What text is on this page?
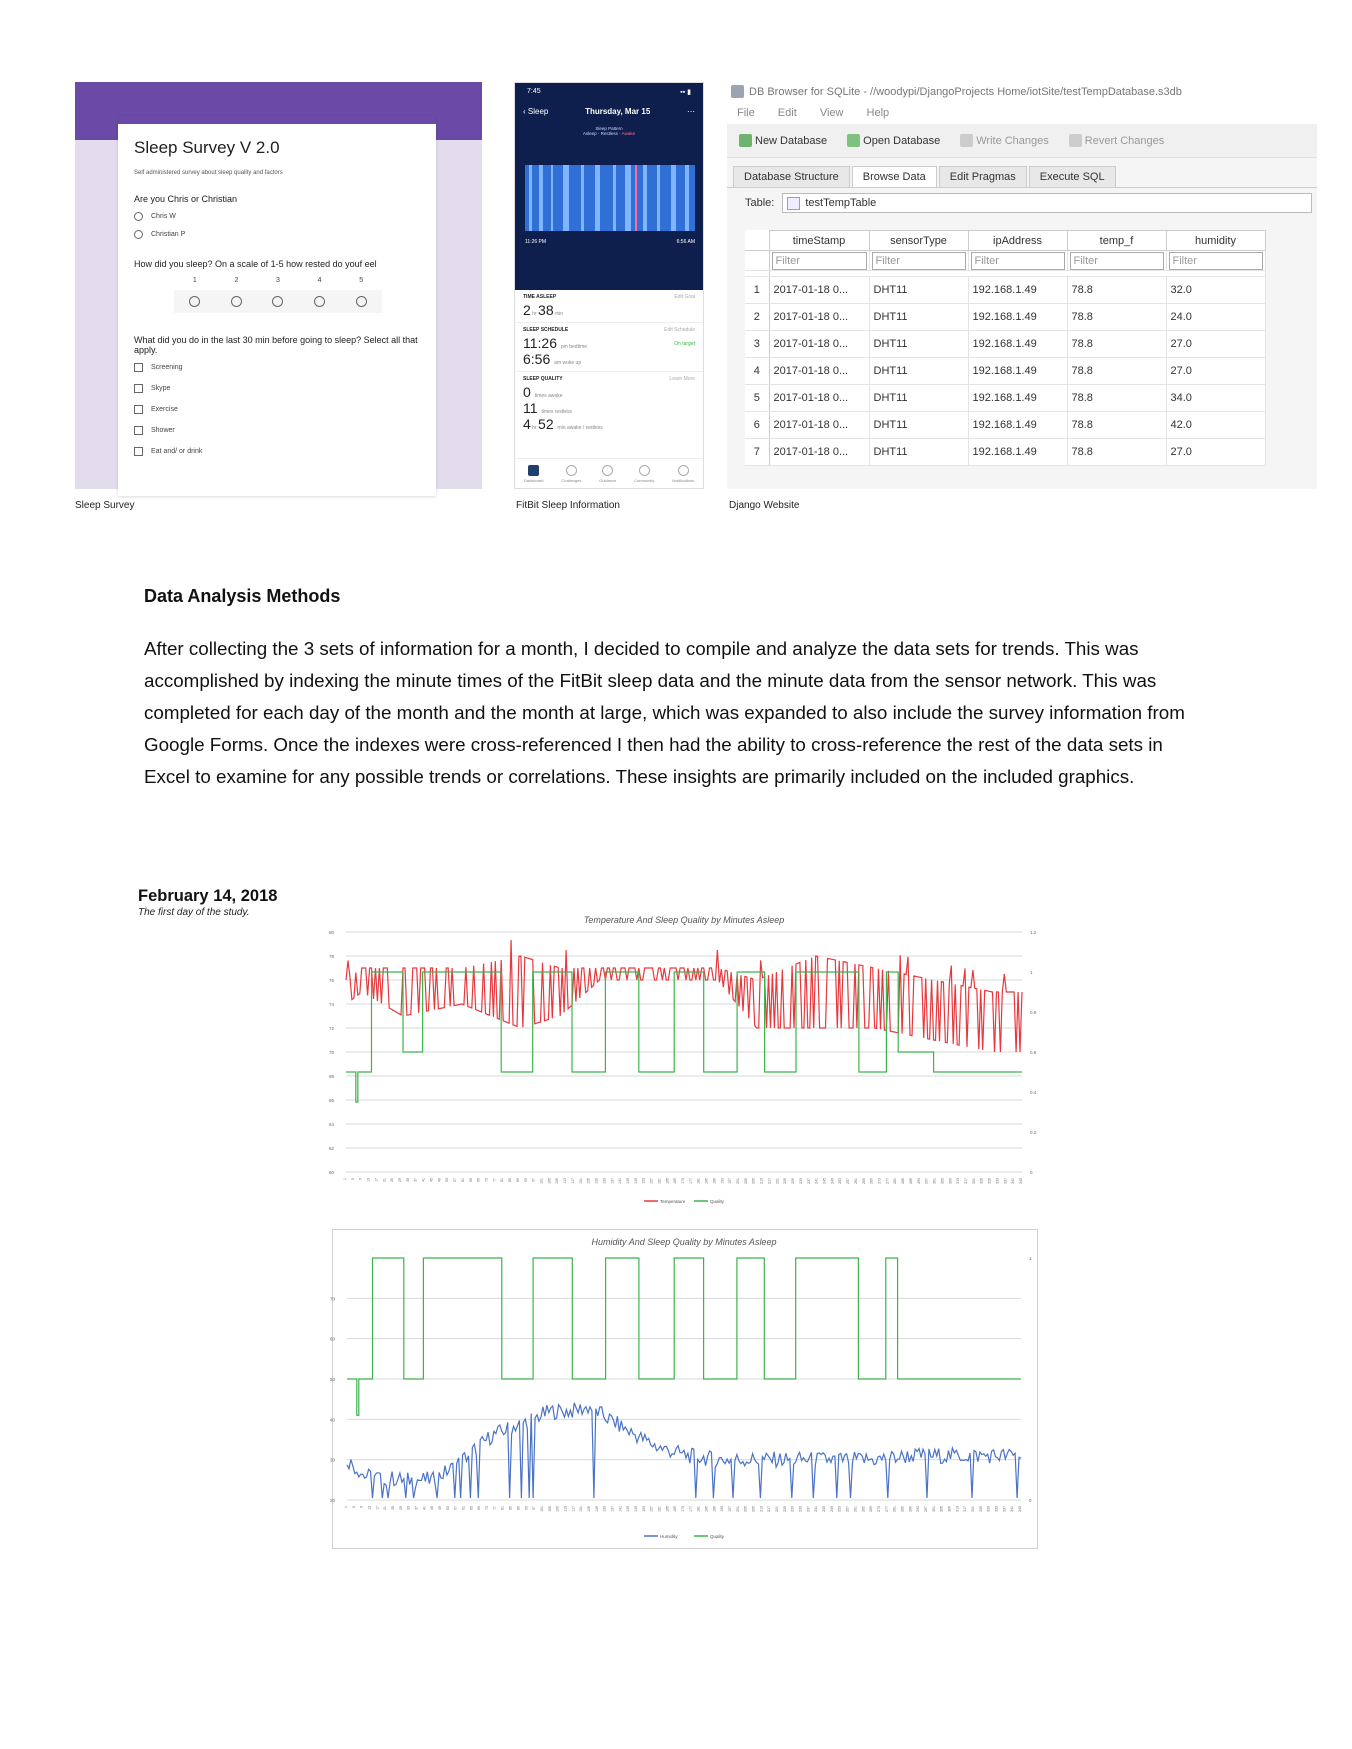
Sleep Survey V 2.0
Self administered survey about sleep quality and factors
Are you Chris or Christian
Chris W
Christian P
How did you sleep? On a scale of 1-5 how rested do youf eel
1	2	3	4	5
What did you do in the last 30 min before going to sleep? Select all that apply.
Screening
Skype
Exercise
Shower
Eat and/ or drink
Sleep Survey
7:45	▪▪ ▮
‹ Sleep	Thursday, Mar 15	⋯
Sleep Pattern
Asleep · Restless · Awake
11:26 PM	6:56 AM
TIME ASLEEP	Edit Goal
2 hr 38 min
SLEEP SCHEDULE	Edit Schedule
11:26 pm bedtime	On target
6:56 am woke up
SLEEP QUALITY	Learn More
0 times awake
11 times restless
4 hr 52 min awake / restless
Dashboard	Challenges	Guidance	Community	Notifications
FitBit Sleep Information
DB Browser for SQLite - //woodypi/DjangoProjects Home/iotSite/testTempDatabase.s3db
File Edit View Help
New Database	Open Database	Write Changes	Revert Changes
Database Structure	Browse Data	Edit Pragmas	Execute SQL
Table:	testTempTable
	timeStamp	sensorType	ipAddress	temp_f	humidity

	Filter	Filter	Filter	Filter	Filter

1	2017-01-18 0...	DHT11	192.168.1.49	78.8	32.0
2	2017-01-18 0...	DHT11	192.168.1.49	78.8	24.0
3	2017-01-18 0...	DHT11	192.168.1.49	78.8	27.0
4	2017-01-18 0...	DHT11	192.168.1.49	78.8	27.0
5	2017-01-18 0...	DHT11	192.168.1.49	78.8	34.0
6	2017-01-18 0...	DHT11	192.168.1.49	78.8	42.0
7	2017-01-18 0...	DHT11	192.168.1.49	78.8	27.0
Django Website
Data Analysis Methods
After collecting the 3 sets of information for a month, I decided to compile and analyze the data sets for trends. This was accomplished by indexing the minute times of the FitBit sleep data and the minute data from the sensor network. This was completed for each day of the month and the month at large, which was expanded to also include the survey information from Google Forms. Once the indexes were cross-referenced I then had the ability to cross-reference the rest of the data sets in Excel to examine for any possible trends or correlations. These insights are primarily included on the included graphics.
February 14, 2018
The first day of the study.
Temperature And Sleep Quality by Minutes Asleep
60
62
64
66
68
70
72
74
76
78
80
0
0.2
0.4
0.6
0.8
1
1.2
1 5 9 13 17 21 25 29 33 37 41 45 49 53 57 61 65 69 73 77 81 85 89 93 97 101 105 109 113 117 121 125 129 133 137 141 145 149 153 157 161 165 169 173 177 181 185 189 193 197 201 205 209 213 217 221 225 229 233 237 241 245 249 253 257 261 265 269 273 277 281 285 289 293 297 301 305 309 313 317 321 325 329 333 337 341 345
Temperature	Quality
Humidity And Sleep Quality by Minutes Asleep
20
30
40
50
60
70
0
1
1 5 9 13 17 21 25 29 33 37 41 45 49 53 57 61 65 69 73 77 81 85 89 93 97 101 105 109 113 117 121 125 129 133 137 141 145 149 153 157 161 165 169 173 177 181 185 189 193 197 201 205 209 213 217 221 225 229 233 237 241 245 249 253 257 261 265 269 273 277 281 285 289 293 297 301 305 309 313 317 321 325 329 333 337 341 345
Humidity	Quality
